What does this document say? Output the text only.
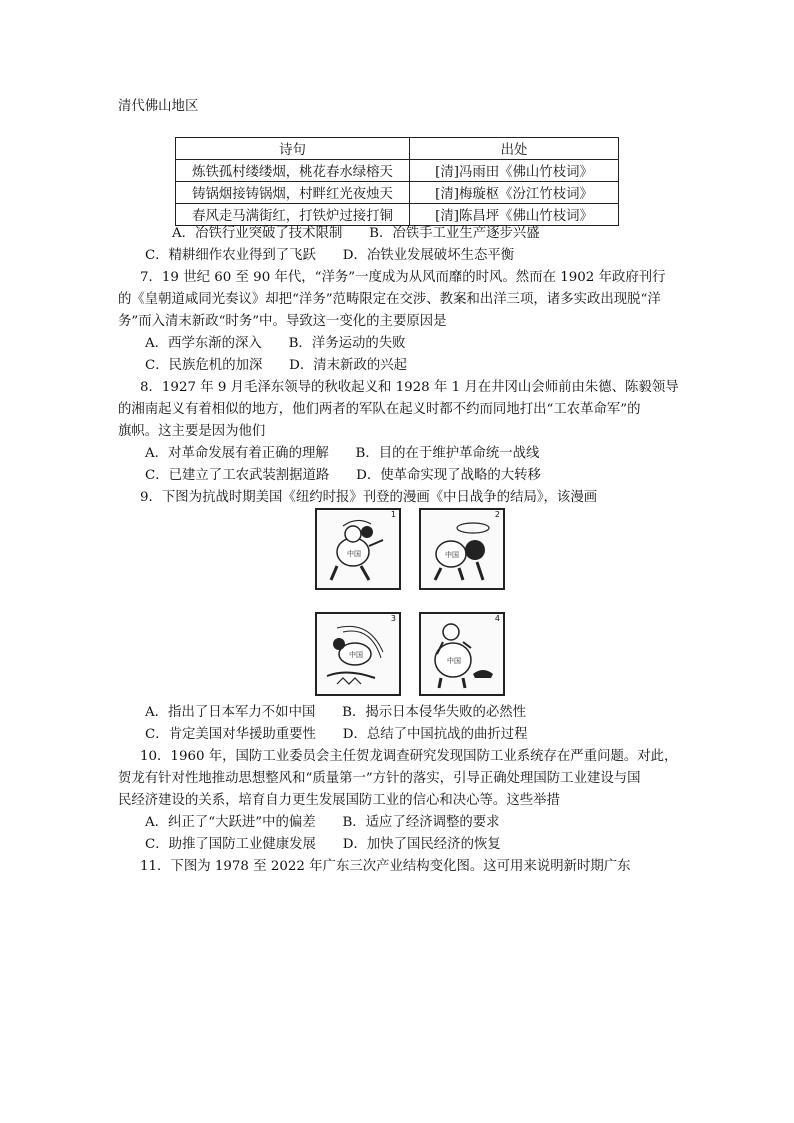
清代佛山地区
诗句	出处
炼铁孤村缕缕烟，桃花春水绿榕天	[清]冯雨田《佛山竹枝词》
铸锅烟接铸锅烟，村畔红光夜烛天	[清]梅璇枢《汾江竹枝词》
春风走马满街红，打铁炉过接打铜	[清]陈昌坪《佛山竹枝词》
A．冶铁行业突破了技术限制　　B．冶铁手工业生产逐步兴盛
C．精耕细作农业得到了飞跃　　D．冶铁业发展破坏生态平衡
7．19 世纪 60 至 90 年代，“洋务”一度成为从风而靡的时风。然而在 1902 年政府刊行
的《皇朝道咸同光奏议》却把“洋务”范畴限定在交涉、教案和出洋三项，诸多实政出现脱“洋
务”而入清末新政“时务”中。导致这一变化的主要原因是
A．西学东渐的深入　　B．洋务运动的失败
C．民族危机的加深　　D．清末新政的兴起
8．1927 年 9 月毛泽东领导的秋收起义和 1928 年 1 月在井冈山会师前由朱德、陈毅领导
的湘南起义有着相似的地方，他们两者的军队在起义时都不约而同地打出“工农革命军”的
旗帜。这主要是因为他们
A．对革命发展有着正确的理解　　B．目的在于维护革命统一战线
C．已建立了工农武装割据道路　　D．使革命实现了战略的大转移
9．下图为抗战时期美国《纽约时报》刊登的漫画《中日战争的结局》，该漫画
1
中国
2
中国
3
中国
4
中国
A．指出了日本军力不如中国　　B．揭示日本侵华失败的必然性
C．肯定美国对华援助重要性　　D．总结了中国抗战的曲折过程
10．1960 年，国防工业委员会主任贺龙调查研究发现国防工业系统存在严重问题。对此，
贺龙有针对性地推动思想整风和“质量第一”方针的落实，引导正确处理国防工业建设与国
民经济建设的关系，培育自力更生发展国防工业的信心和决心等。这些举措
A．纠正了“大跃进”中的偏差　　B．适应了经济调整的要求
C．助推了国防工业健康发展　　D．加快了国民经济的恢复
11．下图为 1978 至 2022 年广东三次产业结构变化图。这可用来说明新时期广东
